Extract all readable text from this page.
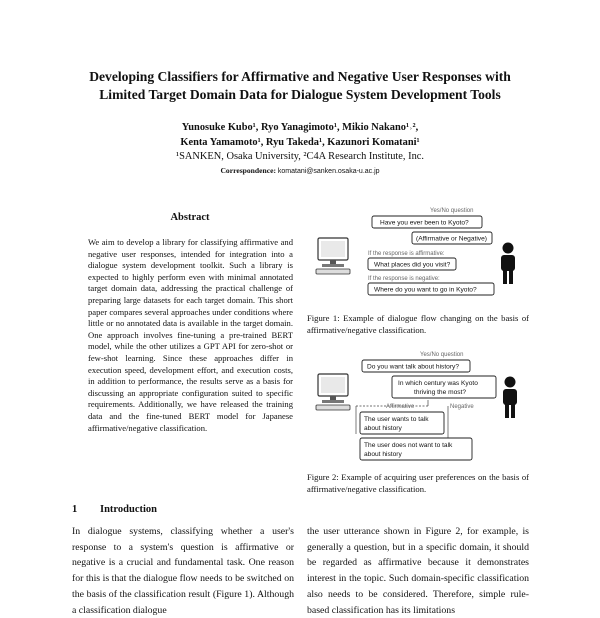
Developing Classifiers for Affirmative and Negative User Responses with
Limited Target Domain Data for Dialogue System Development Tools
Yunosuke Kubo¹, Ryo Yanagimoto¹, Mikio Nakano¹˒²,
Kenta Yamamoto¹, Ryu Takeda¹, Kazunori Komatani¹
¹SANKEN, Osaka University, ²C4A Research Institute, Inc.
Correspondence: komatani@sanken.osaka-u.ac.jp
Abstract
We aim to develop a library for classifying affirmative and negative user responses, intended for integration into a dialogue system development toolkit. Such a library is expected to highly perform even with minimal annotated target domain data, addressing the practical challenge of preparing large datasets for each target domain. This short paper compares several approaches under conditions where little or no annotated data is available in the target domain. One approach involves fine-tuning a pre-trained BERT model, while the other utilizes a GPT API for zero-shot or few-shot learning. Since these approaches differ in execution speed, development effort, and execution costs, in addition to performance, the results serve as a basis for discussing an appropriate configuration suited to specific requirements. Additionally, we have released the training data and the fine-tuned BERT model for Japanese affirmative/negative classification.
Yes/No question
Have you ever been to Kyoto?
(Affirmative or Negative)
If the response is affirmative:
What places did you visit?
If the response is negative:
Where do you want to go in Kyoto?
Figure 1: Example of dialogue flow changing on the basis of affirmative/negative classification.
Yes/No question
Do you want talk about history?
In which century was Kyoto
thriving the most?
Affirmative	Negative
The user wants to talk
about history
The user does not want to talk
about history
Figure 2: Example of acquiring user preferences on the basis of affirmative/negative classification.
1 Introduction
In dialogue systems, classifying whether a user's response to a system's question is affirmative or negative is a crucial and fundamental task. One reason for this is that the dialogue flow needs to be switched on the basis of the classification result (Figure 1). Although a classification dialogue
the user utterance shown in Figure 2, for example, is generally a question, but in a specific domain, it should be regarded as affirmative because it demonstrates interest in the topic. Such domain-specific classification also needs to be considered. Therefore, simple rule-based classification has its limitations
